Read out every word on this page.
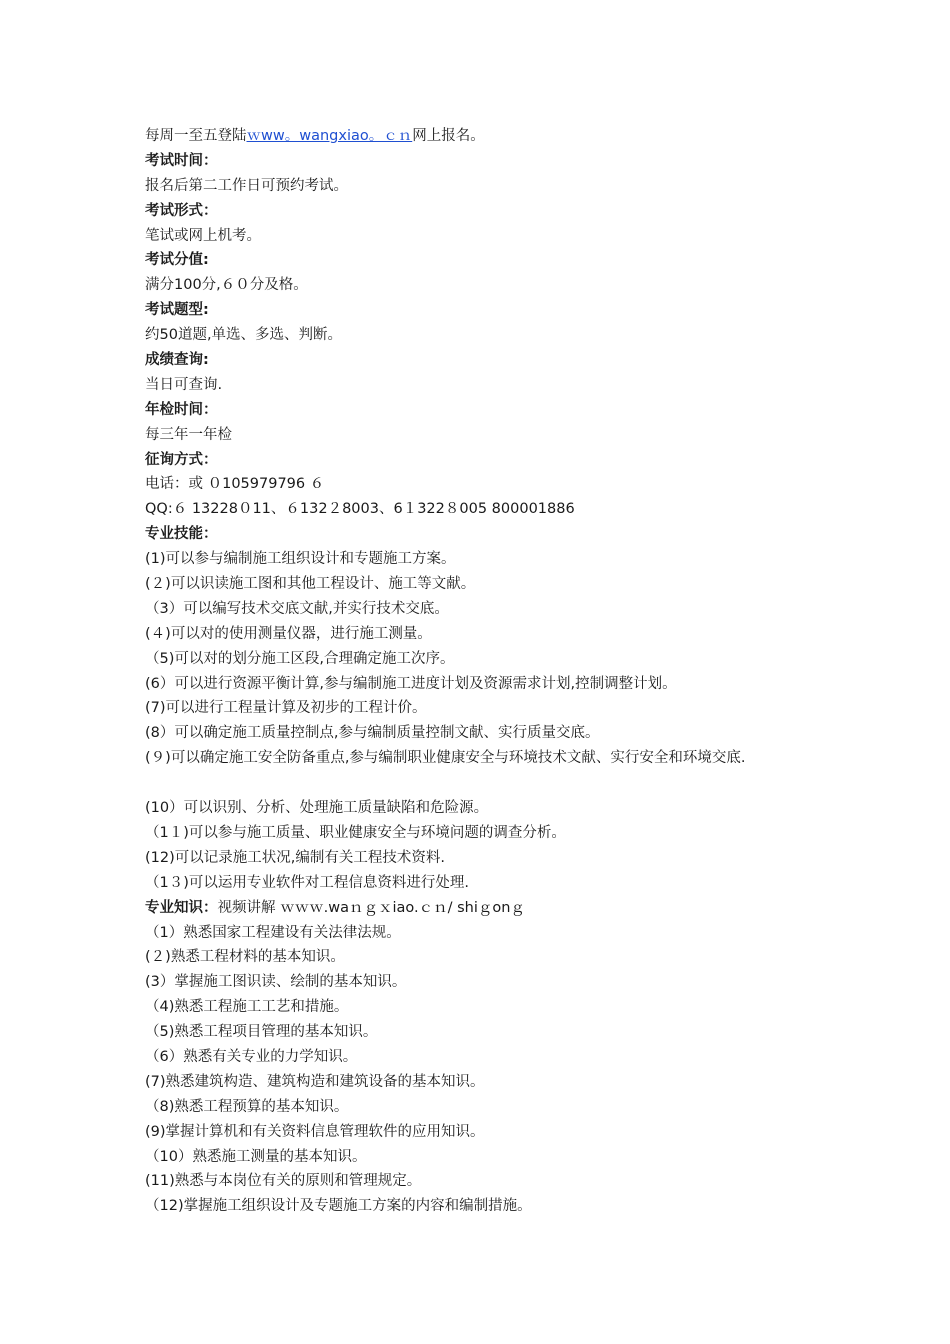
每周一至五登陆ｗww。wangxiao。ｃｎ网上报名。
考试时间：
报名后第二工作日可预约考试。
考试形式：
笔试或网上机考。
考试分值:
满分100分,６０分及格。
考试题型:
约50道题,单选、多选、判断。
成绩查询:
当日可查询.
年检时间：
每三年一年检
征询方式：
电话：或 ０105979796 ６
QQ:６ 13228０11、６132２8003、6１322８005 800001886
专业技能：
(1)可以参与编制施工组织设计和专题施工方案。
(２)可以识读施工图和其他工程设计、施工等文献。
（3）可以编写技术交底文献,并实行技术交底。
(４)可以对的使用测量仪器，进行施工测量。
（5)可以对的划分施工区段,合理确定施工次序。
(6）可以进行资源平衡计算,参与编制施工进度计划及资源需求计划,控制调整计划。
(7)可以进行工程量计算及初步的工程计价。
(8）可以确定施工质量控制点,参与编制质量控制文献、实行质量交底。
(９)可以确定施工安全防备重点,参与编制职业健康安全与环境技术文献、实行安全和环境交底.
(10）可以识别、分析、处理施工质量缺陷和危险源。
（1１)可以参与施工质量、职业健康安全与环境问题的调查分析。
(12)可以记录施工状况,编制有关工程技术资料.
（1３)可以运用专业软件对工程信息资料进行处理.
专业知识：视频讲解 ｗｗｗ.waｎｇｘiao.ｃｎ/ shiｇonｇ
（1）熟悉国家工程建设有关法律法规。
(２)熟悉工程材料的基本知识。
(3）掌握施工图识读、绘制的基本知识。
（4)熟悉工程施工工艺和措施。
（5)熟悉工程项目管理的基本知识。
（6）熟悉有关专业的力学知识。
(7)熟悉建筑构造、建筑构造和建筑设备的基本知识。
（8)熟悉工程预算的基本知识。
(9)掌握计算机和有关资料信息管理软件的应用知识。
（10）熟悉施工测量的基本知识。
(11)熟悉与本岗位有关的原则和管理规定。
（12)掌握施工组织设计及专题施工方案的内容和编制措施。
